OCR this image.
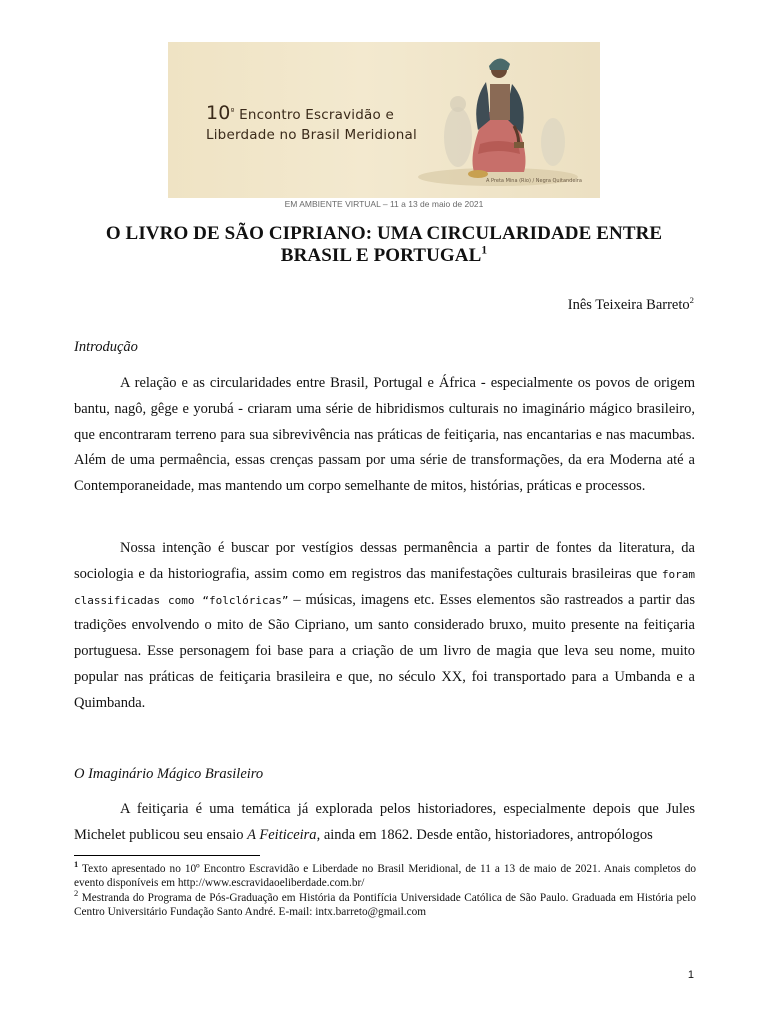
$10^º$ Encontro Escravidão e
Liberdade no Brasil Meridional
A Preta Mina (Rio) / Negra Quitandeira
EM AMBIENTE VIRTUAL – 11 a 13 de maio de 2021
O LIVRO DE SÃO CIPRIANO: UMA CIRCULARIDADE ENTRE BRASIL E PORTUGAL$^1$
Inês Teixeira Barreto$^2$
Introdução
A relação e as circularidades entre Brasil, Portugal e África - especialmente os povos de origem bantu, nagô, gêge e yorubá - criaram uma série de hibridismos culturais no imaginário mágico brasileiro, que encontraram terreno para sua sibrevivência nas práticas de feitiçaria, nas encantarias e nas macumbas. Além de uma permaência, essas crenças passam por uma série de transformações, da era Moderna até a Contemporaneidade, mas mantendo um corpo semelhante de mitos, histórias, práticas e processos.
Nossa intenção é buscar por vestígios dessas permanência a partir de fontes da literatura, da sociologia e da historiografia, assim como em registros das manifestações culturais brasileiras que foram classificadas como “folclóricas” – músicas, imagens etc. Esses elementos são rastreados a partir das tradições envolvendo o mito de São Cipriano, um santo considerado bruxo, muito presente na feitiçaria portuguesa. Esse personagem foi base para a criação de um livro de magia que leva seu nome, muito popular nas práticas de feitiçaria brasileira e que, no século XX, foi transportado para a Umbanda e a Quimbanda.
O Imaginário Mágico Brasileiro
A feitiçaria é uma temática já explorada pelos historiadores, especialmente depois que Jules Michelet publicou seu ensaio A Feiticeira, ainda em 1862. Desde então, historiadores, antropólogos
$^1$ Texto apresentado no 10º Encontro Escravidão e Liberdade no Brasil Meridional, de 11 a 13 de maio de 2021. Anais completos do evento disponíveis em http://www.escravidaoeliberdade.com.br/
$^2$ Mestranda do Programa de Pós-Graduação em História da Pontifícia Universidade Católica de São Paulo. Graduada em História pelo Centro Universitário Fundação Santo André. E-mail: intx.barreto@gmail.com
1
